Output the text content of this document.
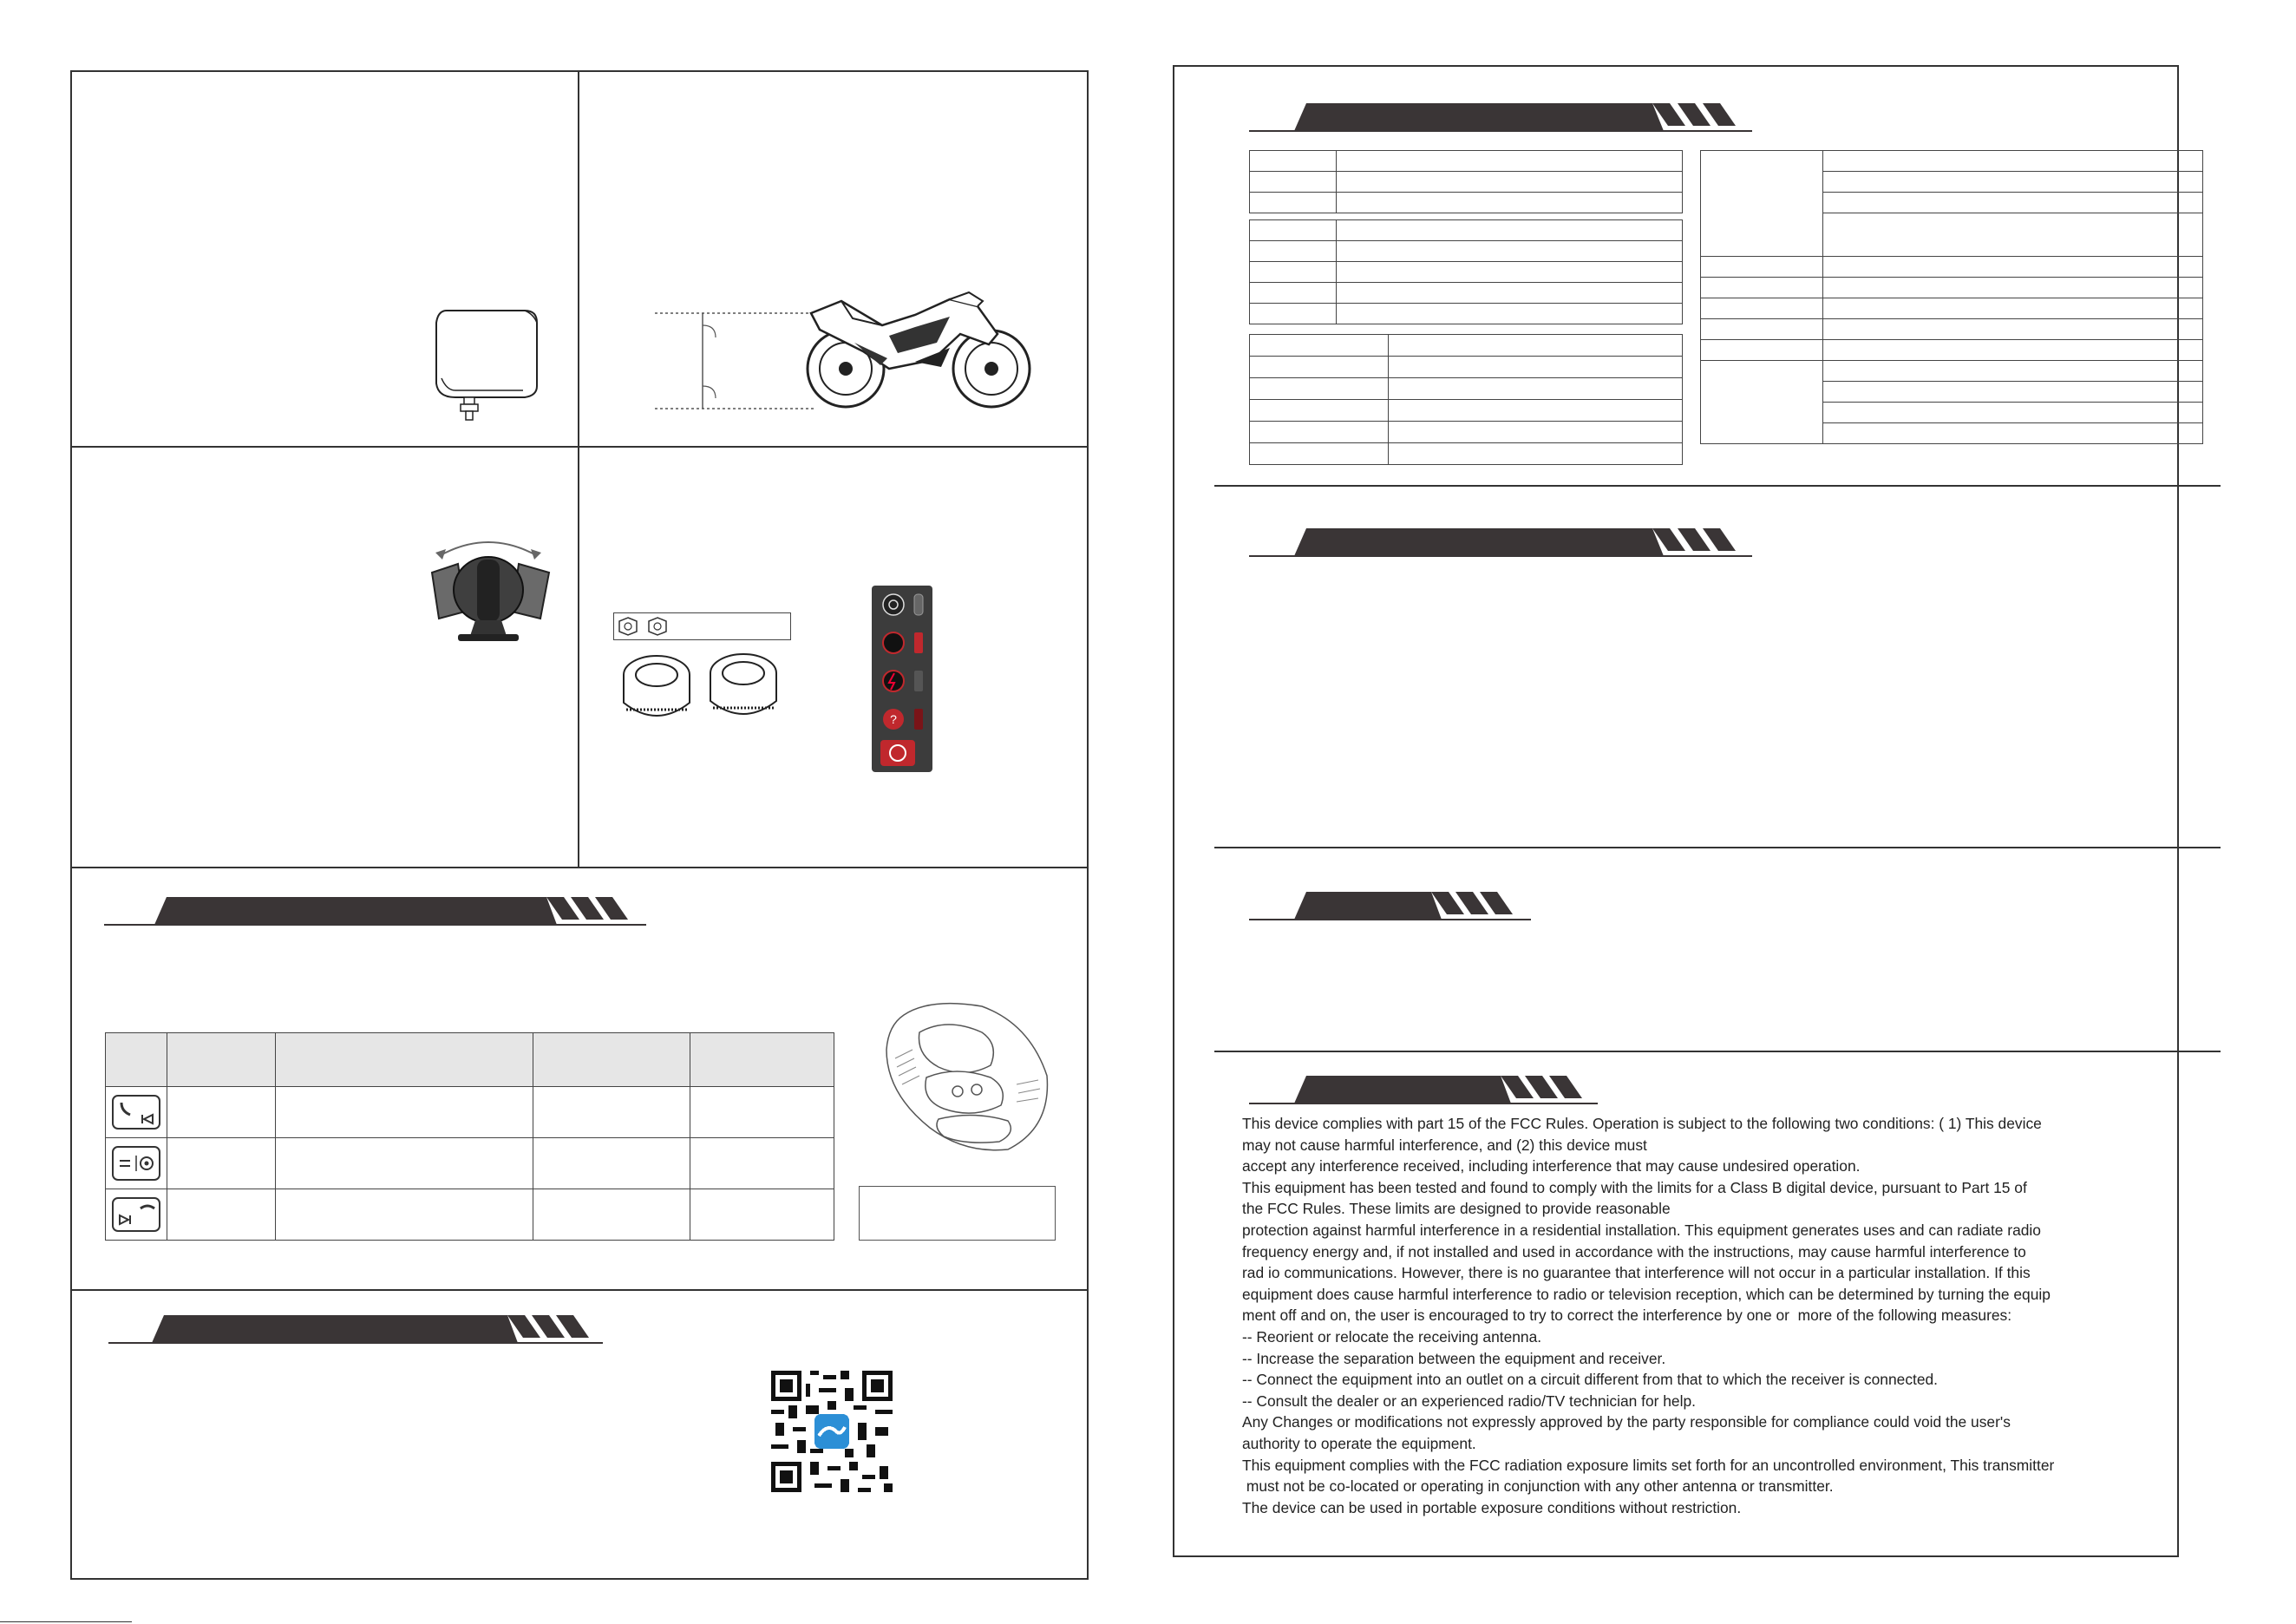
?

This device complies with part 15 of the FCC Rules. Operation is subject to the following two conditions: ( 1) This device

may not cause harmful interference, and (2) this device must

accept any interference received, including interference that may cause undesired operation.

This equipment has been tested and found to comply with the limits for a Class B digital device, pursuant to Part 15 of

the FCC Rules. These limits are designed to provide reasonable

protection against harmful interference in a residential installation. This equipment generates uses and can radiate radio

frequency energy and, if not installed and used in accordance with the instructions, may cause harmful interference to

rad io communications. However, there is no guarantee that interference will not occur in a particular installation. If this

equipment does cause harmful interference to radio or television reception, which can be determined by turning the equip

ment off and on, the user is encouraged to try to correct the interference by one or  more of the following measures:

-- Reorient or relocate the receiving antenna.

-- Increase the separation between the equipment and receiver.

-- Connect the equipment into an outlet on a circuit different from that to which the receiver is connected.

-- Consult the dealer or an experienced radio/TV technician for help.

Any Changes or modifications not expressly approved by the party responsible for compliance could void the user's

authority to operate the equipment.

This equipment complies with the FCC radiation exposure limits set forth for an uncontrolled environment, This transmitter

must not be co-located or operating in conjunction with any other antenna or transmitter.

The device can be used in portable exposure conditions without restriction.
